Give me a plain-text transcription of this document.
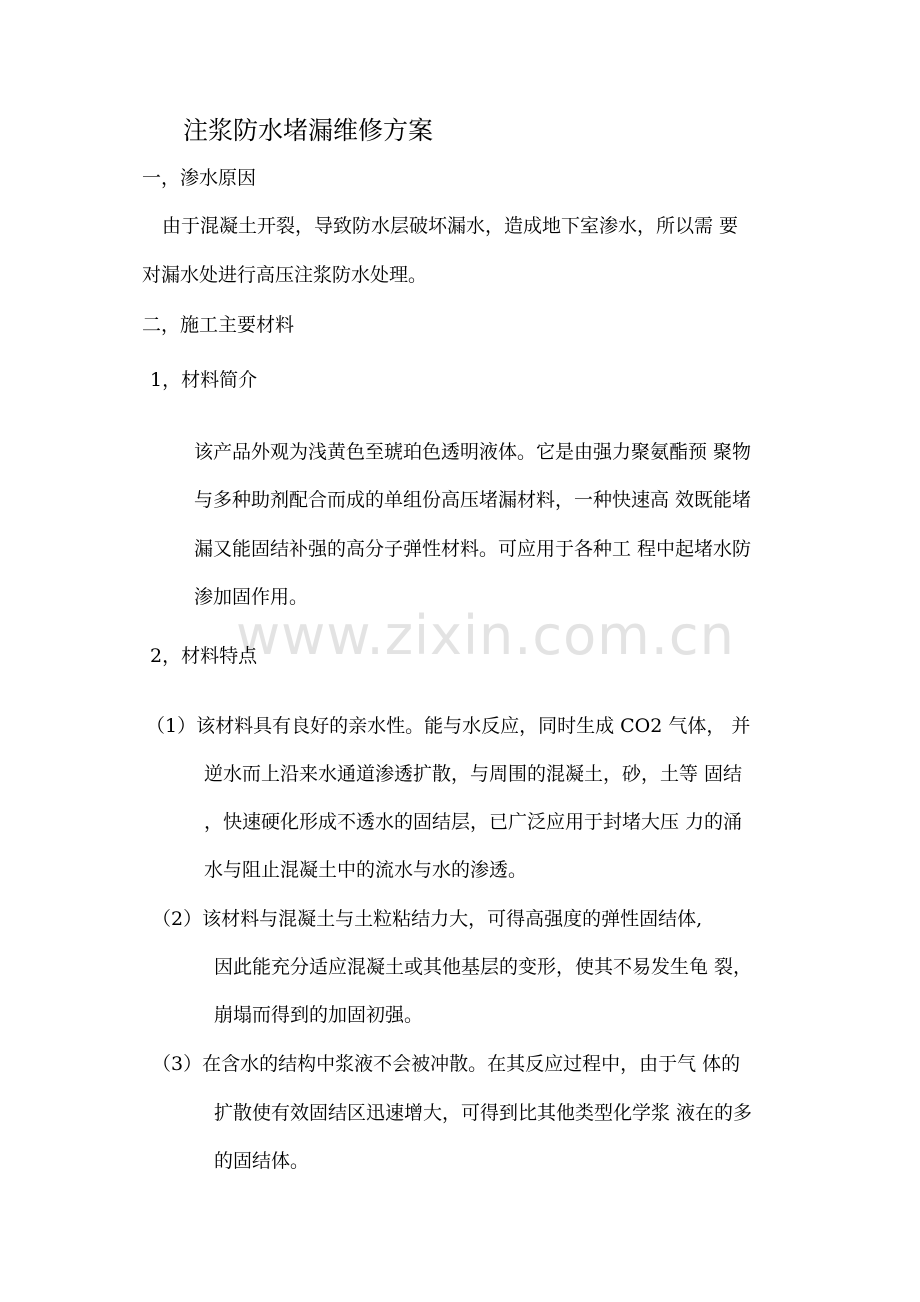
注浆防水堵漏维修方案
一，渗水原因
由于混凝土开裂，导致防水层破坏漏水，造成地下室渗水，所以需 要
对漏水处进行高压注浆防水处理。
二，施工主要材料
1，材料简介
该产品外观为浅黄色至琥珀色透明液体。它是由强力聚氨酯预 聚物
与多种助剂配合而成的单组份高压堵漏材料，一种快速高 效既能堵
漏又能固结补强的高分子弹性材料。可应用于各种工 程中起堵水防
渗加固作用。
www.zixin.com.cn
2，材料特点
（1）该材料具有良好的亲水性。能与水反应，同时生成 CO2 气体， 并
逆水而上沿来水通道渗透扩散，与周围的混凝土，砂，土等 固结
，快速硬化形成不透水的固结层，已广泛应用于封堵大压 力的涌
水与阻止混凝土中的流水与水的渗透。
（2）该材料与混凝土与土粒粘结力大，可得高强度的弹性固结体,
因此能充分适应混凝土或其他基层的变形，使其不易发生龟 裂，
崩塌而得到的加固初强。
（3）在含水的结构中浆液不会被冲散。在其反应过程中，由于气 体的
扩散使有效固结区迅速增大，可得到比其他类型化学浆 液在的多
的固结体。
